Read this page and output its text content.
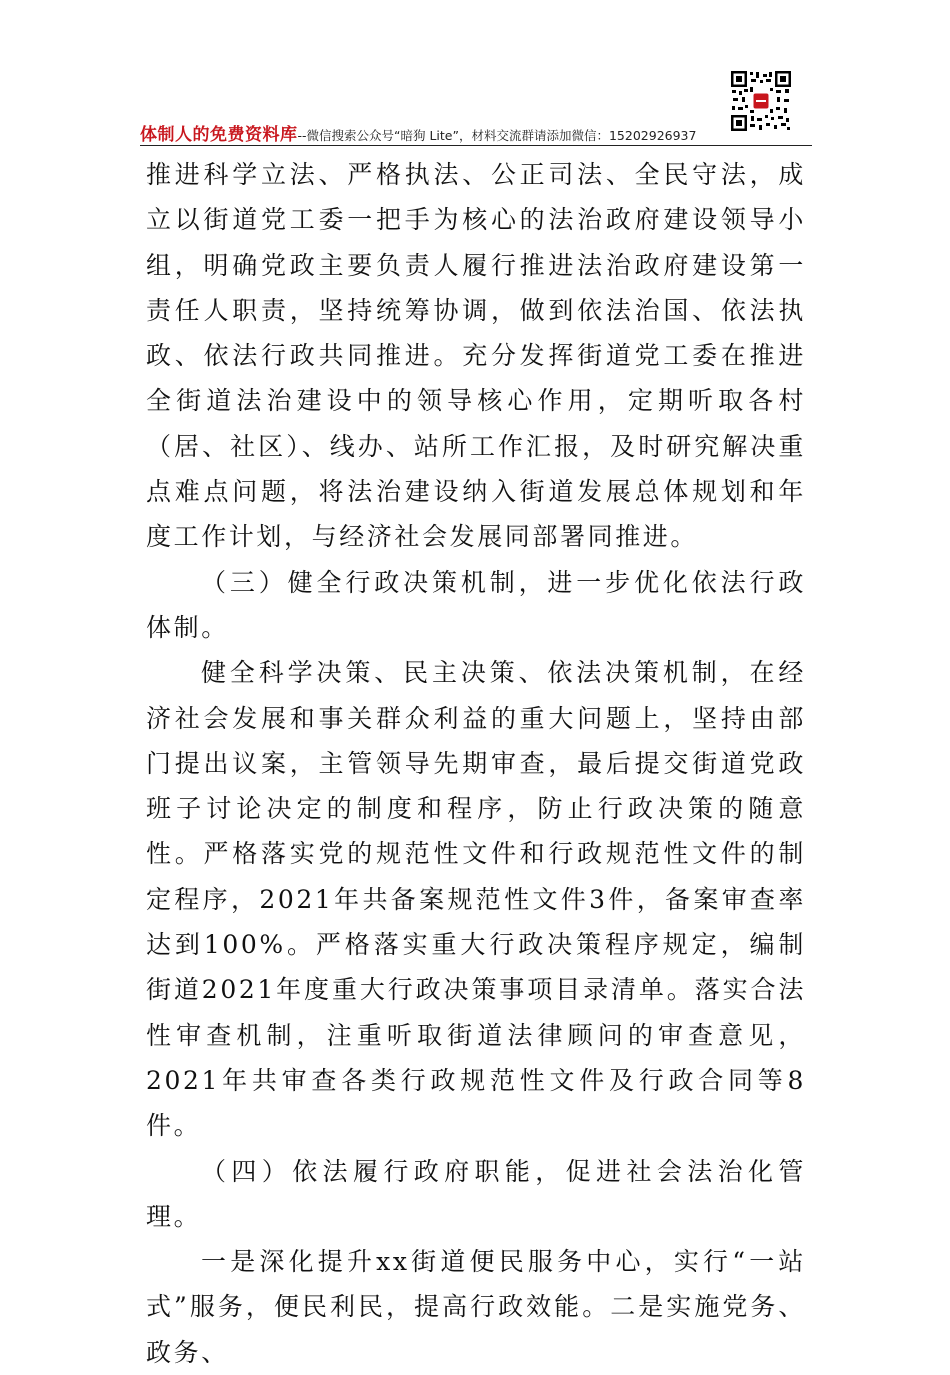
体制人的免费资料库--微信搜索公众号“暗狗 Lite”，材料交流群请添加微信：15202926937

推进科学立法、严格执法、公正司法、全民守法，成立以街道党工委一把手为核心的法治政府建设领导小组，明确党政主要负责人履行推进法治政府建设第一责任人职责，坚持统筹协调，做到依法治国、依法执政、依法行政共同推进。充分发挥街道党工委在推进全街道法治建设中的领导核心作用，定期听取各村（居、社区）、线办、站所工作汇报，及时研究解决重点难点问题，将法治建设纳入街道发展总体规划和年度工作计划，与经济社会发展同部署同推进。

（三）健全行政决策机制，进一步优化依法行政体制。

健全科学决策、民主决策、依法决策机制，在经济社会发展和事关群众利益的重大问题上，坚持由部门提出议案，主管领导先期审查，最后提交街道党政班子讨论决定的制度和程序，防止行政决策的随意性。严格落实党的规范性文件和行政规范性文件的制定程序，2021年共备案规范性文件3件，备案审查率达到100%。严格落实重大行政决策程序规定，编制街道2021年度重大行政决策事项目录清单。落实合法性审查机制，注重听取街道法律顾问的审查意见，2021年共审查各类行政规范性文件及行政合同等8件。

（四）依法履行政府职能，促进社会法治化管理。

一是深化提升xx街道便民服务中心，实行“一站式”服务，便民利民，提高行政效能。二是实施党务、政务、
